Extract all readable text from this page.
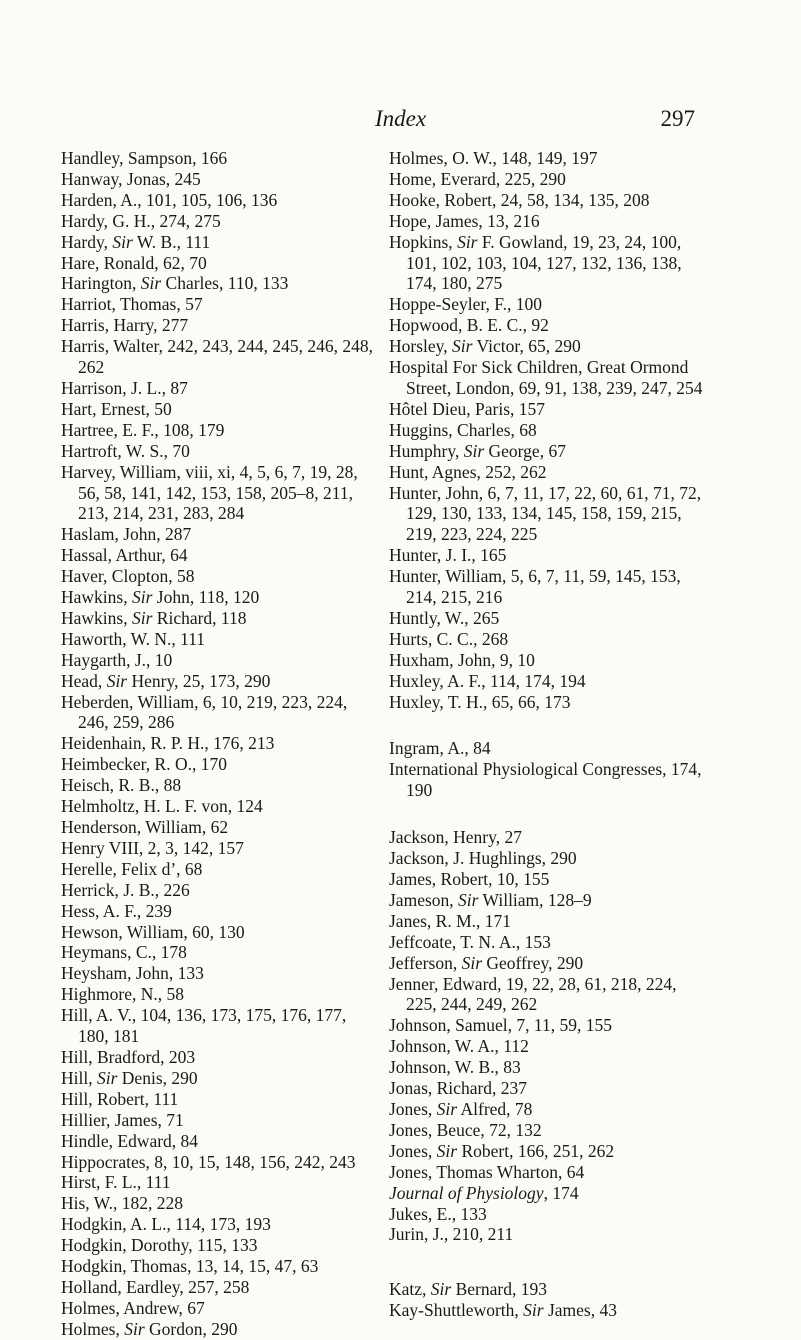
Index	297
Handley, Sampson, 166
Hanway, Jonas, 245
Harden, A., 101, 105, 106, 136
Hardy, G. H., 274, 275
Hardy, Sir W. B., 111
Hare, Ronald, 62, 70
Harington, Sir Charles, 110, 133
Harriot, Thomas, 57
Harris, Harry, 277
Harris, Walter, 242, 243, 244, 245, 246, 248, 262
Harrison, J. L., 87
Hart, Ernest, 50
Hartree, E. F., 108, 179
Hartroft, W. S., 70
Harvey, William, viii, xi, 4, 5, 6, 7, 19, 28, 56, 58, 141, 142, 153, 158, 205–8, 211, 213, 214, 231, 283, 284
Haslam, John, 287
Hassal, Arthur, 64
Haver, Clopton, 58
Hawkins, Sir John, 118, 120
Hawkins, Sir Richard, 118
Haworth, W. N., 111
Haygarth, J., 10
Head, Sir Henry, 25, 173, 290
Heberden, William, 6, 10, 219, 223, 224, 246, 259, 286
Heidenhain, R. P. H., 176, 213
Heimbecker, R. O., 170
Heisch, R. B., 88
Helmholtz, H. L. F. von, 124
Henderson, William, 62
Henry VIII, 2, 3, 142, 157
Herelle, Felix d’, 68
Herrick, J. B., 226
Hess, A. F., 239
Hewson, William, 60, 130
Heymans, C., 178
Heysham, John, 133
Highmore, N., 58
Hill, A. V., 104, 136, 173, 175, 176, 177, 180, 181
Hill, Bradford, 203
Hill, Sir Denis, 290
Hill, Robert, 111
Hillier, James, 71
Hindle, Edward, 84
Hippocrates, 8, 10, 15, 148, 156, 242, 243
Hirst, F. L., 111
His, W., 182, 228
Hodgkin, A. L., 114, 173, 193
Hodgkin, Dorothy, 115, 133
Hodgkin, Thomas, 13, 14, 15, 47, 63
Holland, Eardley, 257, 258
Holmes, Andrew, 67
Holmes, Sir Gordon, 290
Holmes, O. W., 148, 149, 197
Home, Everard, 225, 290
Hooke, Robert, 24, 58, 134, 135, 208
Hope, James, 13, 216
Hopkins, Sir F. Gowland, 19, 23, 24, 100, 101, 102, 103, 104, 127, 132, 136, 138, 174, 180, 275
Hoppe-Seyler, F., 100
Hopwood, B. E. C., 92
Horsley, Sir Victor, 65, 290
Hospital For Sick Children, Great Ormond Street, London, 69, 91, 138, 239, 247, 254
Hôtel Dieu, Paris, 157
Huggins, Charles, 68
Humphry, Sir George, 67
Hunt, Agnes, 252, 262
Hunter, John, 6, 7, 11, 17, 22, 60, 61, 71, 72, 129, 130, 133, 134, 145, 158, 159, 215, 219, 223, 224, 225
Hunter, J. I., 165
Hunter, William, 5, 6, 7, 11, 59, 145, 153, 214, 215, 216
Huntly, W., 265
Hurts, C. C., 268
Huxham, John, 9, 10
Huxley, A. F., 114, 174, 194
Huxley, T. H., 65, 66, 173
Ingram, A., 84
International Physiological Congresses, 174, 190
Jackson, Henry, 27
Jackson, J. Hughlings, 290
James, Robert, 10, 155
Jameson, Sir William, 128–9
Janes, R. M., 171
Jeffcoate, T. N. A., 153
Jefferson, Sir Geoffrey, 290
Jenner, Edward, 19, 22, 28, 61, 218, 224, 225, 244, 249, 262
Johnson, Samuel, 7, 11, 59, 155
Johnson, W. A., 112
Johnson, W. B., 83
Jonas, Richard, 237
Jones, Sir Alfred, 78
Jones, Beuce, 72, 132
Jones, Sir Robert, 166, 251, 262
Jones, Thomas Wharton, 64
Journal of Physiology, 174
Jukes, E., 133
Jurin, J., 210, 211
Katz, Sir Bernard, 193
Kay-Shuttleworth, Sir James, 43
